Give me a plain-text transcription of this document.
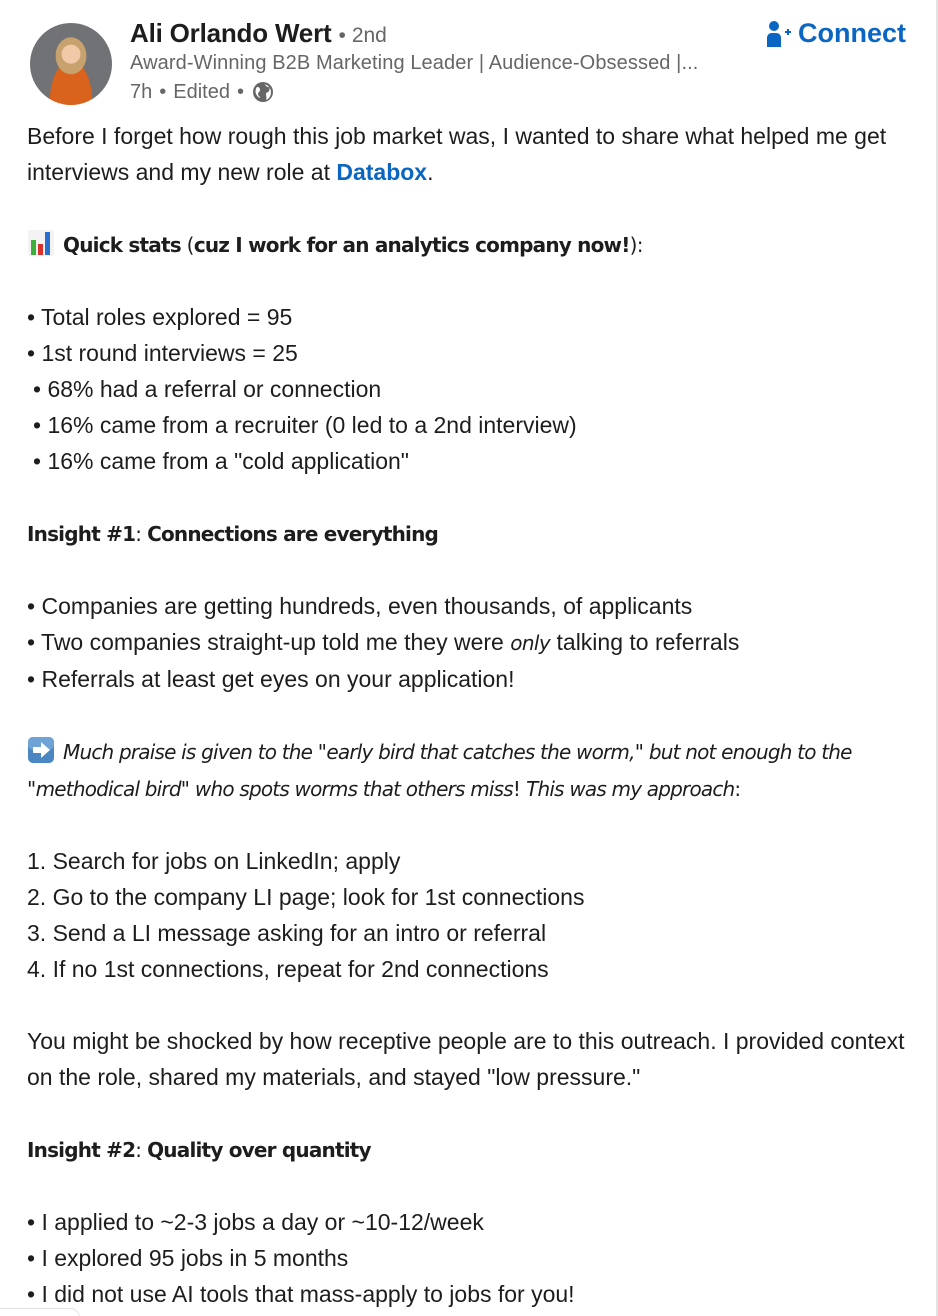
Ali Orlando Wert • 2nd
Award-Winning B2B Marketing Leader | Audience-Obsessed |...
7h • Edited •
Connect
Before I forget how rough this job market was, I wanted to share what helped me get interviews and my new role at Databox.
Quick stats (cuz I work for an analytics company now!):
• Total roles explored = 95
• 1st round interviews = 25
• 68% had a referral or connection
• 16% came from a recruiter (0 led to a 2nd interview)
• 16% came from a "cold application"
Insight #1: Connections are everything
• Companies are getting hundreds, even thousands, of applicants
• Two companies straight-up told me they were only talking to referrals
• Referrals at least get eyes on your application!
Much praise is given to the "early bird that catches the worm," but not enough to the "methodical bird" who spots worms that others miss! This was my approach:
1. Search for jobs on LinkedIn; apply
2. Go to the company LI page; look for 1st connections
3. Send a LI message asking for an intro or referral
4. If no 1st connections, repeat for 2nd connections
You might be shocked by how receptive people are to this outreach. I provided context on the role, shared my materials, and stayed "low pressure."
Insight #2: Quality over quantity
• I applied to ~2-3 jobs a day or ~10-12/week
• I explored 95 jobs in 5 months
• I did not use AI tools that mass-apply to jobs for you!
